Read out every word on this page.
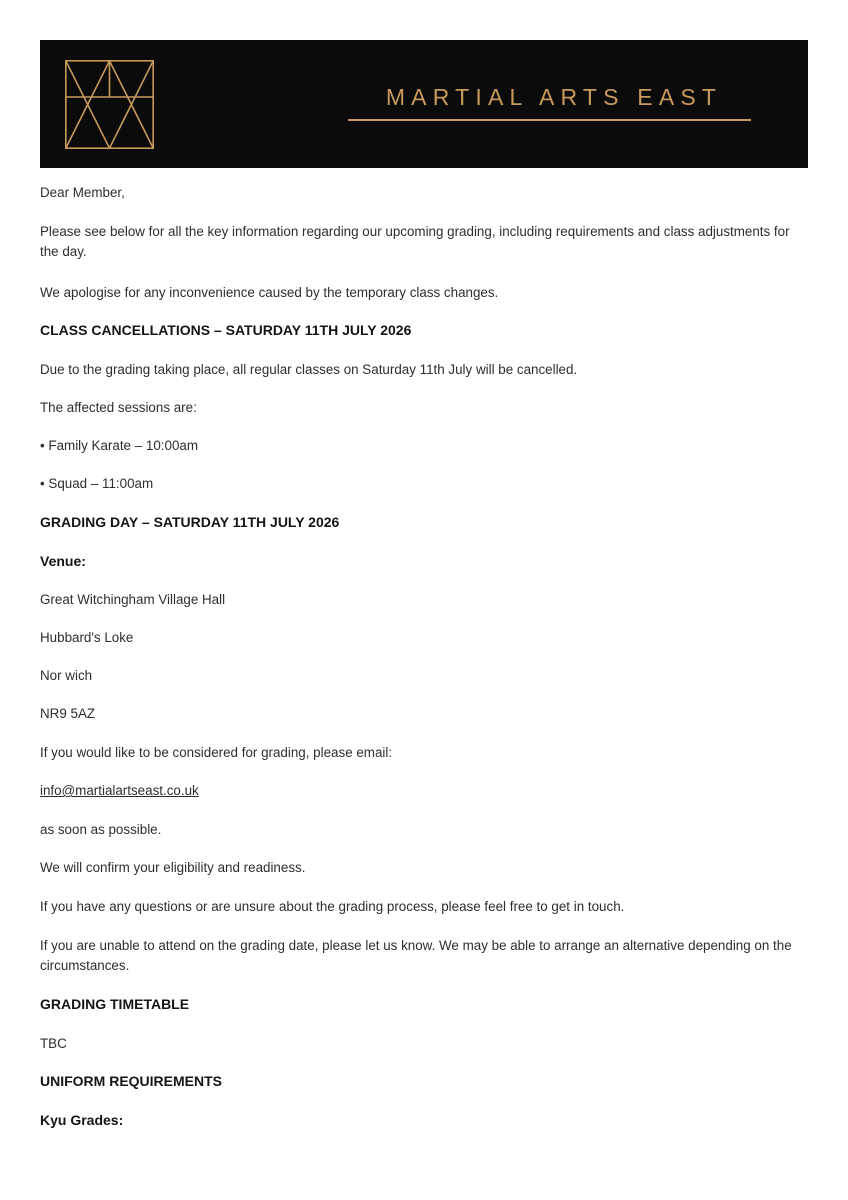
MARTIAL ARTS EAST
Dear Member,
Please see below for all the key information regarding our upcoming grading, including requirements and class adjustments for the day.
We apologise for any inconvenience caused by the temporary class changes.
CLASS CANCELLATIONS – SATURDAY 11TH JULY 2026
Due to the grading taking place, all regular classes on Saturday 11th July will be cancelled.
The affected sessions are:
• Family Karate – 10:00am
• Squad – 11:00am
GRADING DAY – SATURDAY 11TH JULY 2026
Venue:
Great Witchingham Village Hall
Hubbard's Loke
Nor wich
NR9 5AZ
If you would like to be considered for grading, please email:
info@martialartseast.co.uk
as soon as possible.
We will confirm your eligibility and readiness.
If you have any questions or are unsure about the grading process, please feel free to get in touch.
If you are unable to attend on the grading date, please let us know. We may be able to arrange an alternative depending on the circumstances.
GRADING TIMETABLE
TBC
UNIFORM REQUIREMENTS
Kyu Grades:
